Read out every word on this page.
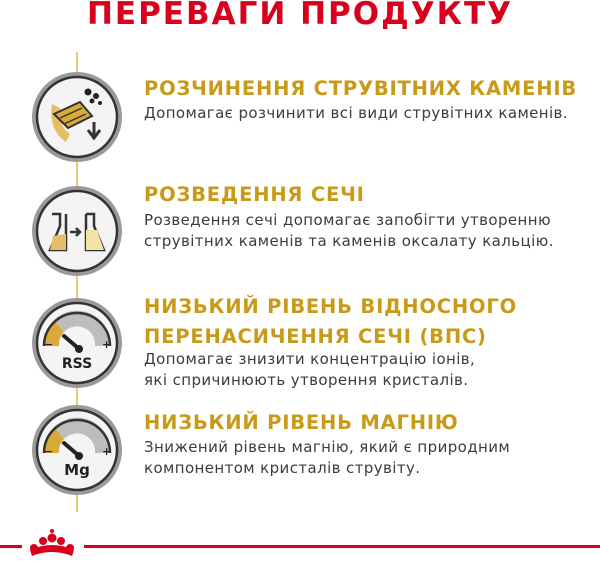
ПЕРЕВАГИ ПРОДУКТУ
РОЗЧИНЕННЯ СТРУВІТНИХ КАМЕНІВ
Допомагає розчинити всі види струвітних каменів.
РОЗВЕДЕННЯ СЕЧІ
Розведення сечі допомагає запобігти утворенню
струвітних каменів та каменів оксалату кальцію.
−	+
RSS
НИЗЬКИЙ РІВЕНЬ ВІДНОСНОГО
ПЕРЕНАСИЧЕННЯ СЕЧІ (ВПС)
Допомагає знизити концентрацію іонів,
які спричинюють утворення кристалів.
−	+
Mg
НИЗЬКИЙ РІВЕНЬ МАГНІЮ
Знижений рівень магнію, який є природним
компонентом кристалів струвіту.
